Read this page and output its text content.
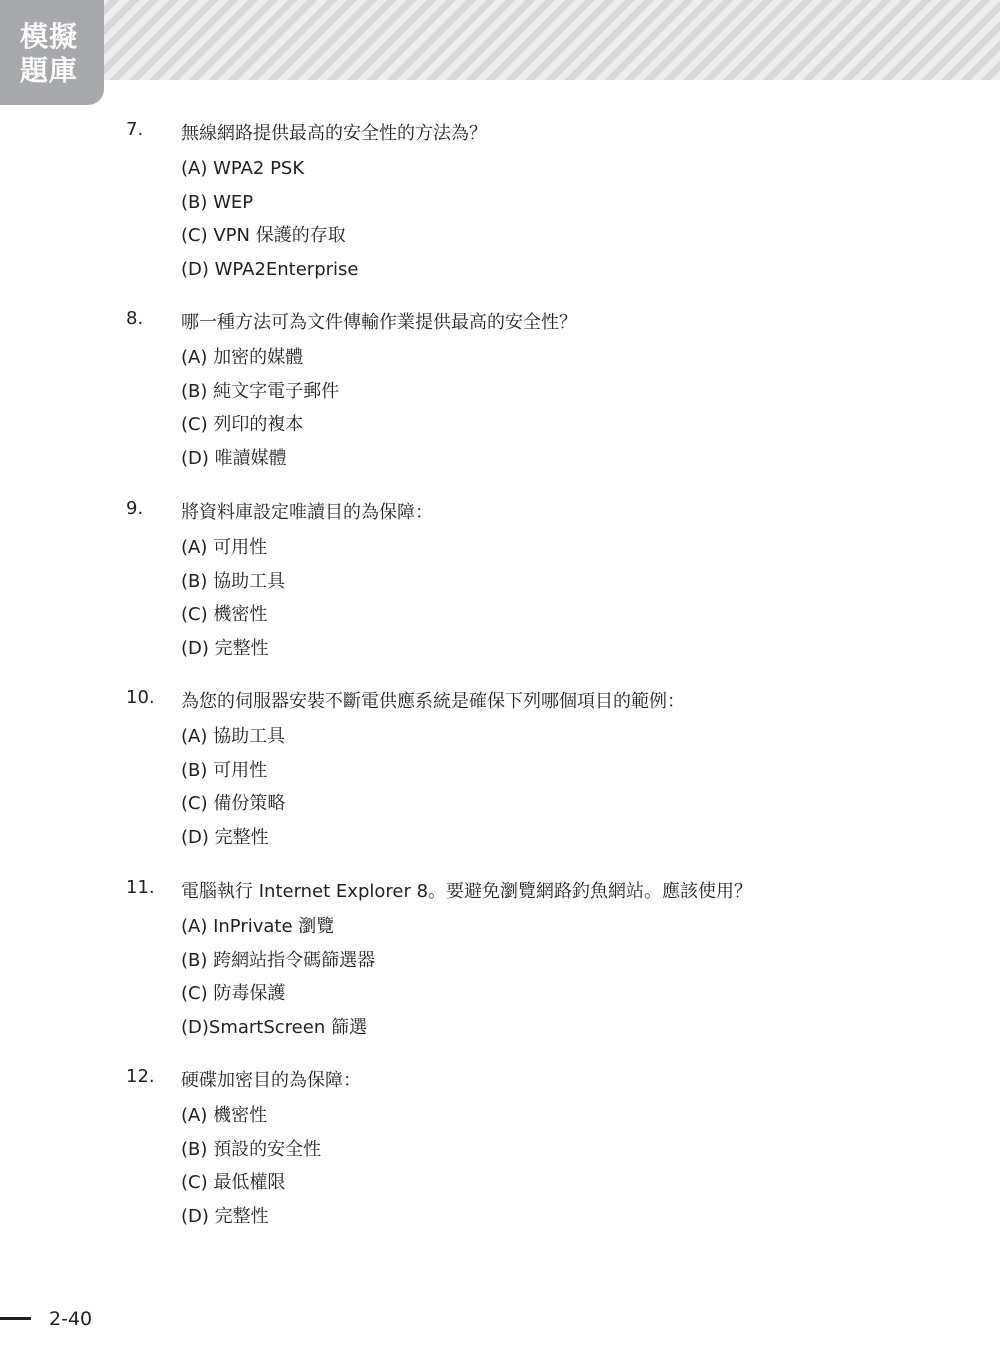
模擬
題庫
7. 無線網路提供最高的安全性的方法為？
(A) WPA2 PSK
(B) WEP
(C) VPN 保護的存取
(D) WPA2Enterprise
8. 哪一種方法可為文件傳輸作業提供最高的安全性？
(A) 加密的媒體
(B) 純文字電子郵件
(C) 列印的複本
(D) 唯讀媒體
9. 將資料庫設定唯讀目的為保障：
(A) 可用性
(B) 協助工具
(C) 機密性
(D) 完整性
10. 為您的伺服器安裝不斷電供應系統是確保下列哪個項目的範例：
(A) 協助工具
(B) 可用性
(C) 備份策略
(D) 完整性
11. 電腦執行 Internet Explorer 8。要避免瀏覽網路釣魚網站。應該使用？
(A) InPrivate 瀏覽
(B) 跨網站指令碼篩選器
(C) 防毒保護
(D)SmartScreen 篩選
12. 硬碟加密目的為保障：
(A) 機密性
(B) 預設的安全性
(C) 最低權限
(D) 完整性
2-40
